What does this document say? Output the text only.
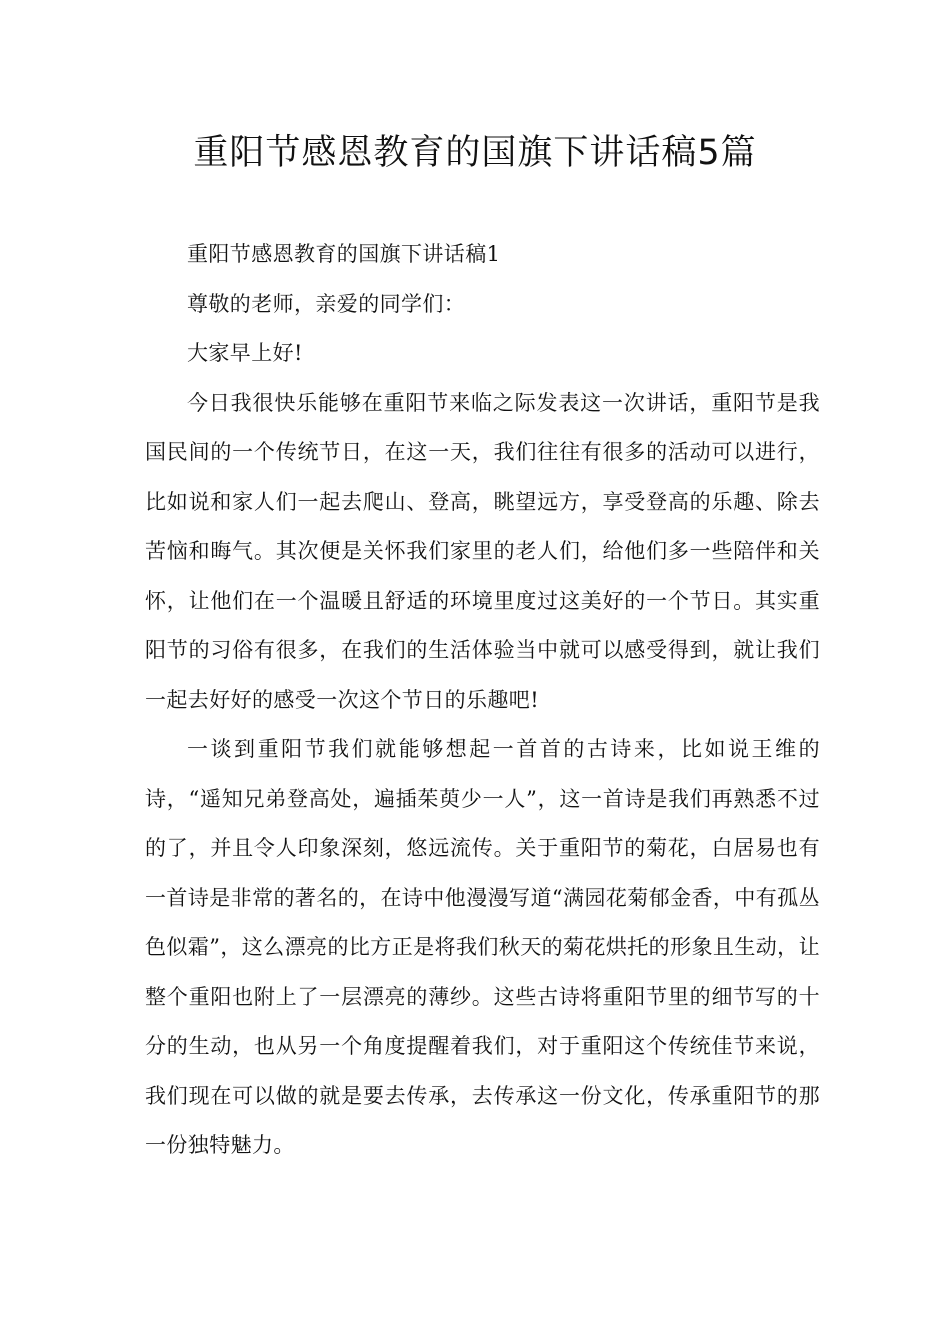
重阳节感恩教育的国旗下讲话稿5篇

重阳节感恩教育的国旗下讲话稿1

尊敬的老师，亲爱的同学们：

大家早上好!

今日我很快乐能够在重阳节来临之际发表这一次讲话，重阳节是我国民间的一个传统节日，在这一天，我们往往有很多的活动可以进行，比如说和家人们一起去爬山、登高，眺望远方，享受登高的乐趣、除去苦恼和晦气。其次便是关怀我们家里的老人们，给他们多一些陪伴和关怀，让他们在一个温暖且舒适的环境里度过这美好的一个节日。其实重阳节的习俗有很多，在我们的生活体验当中就可以感受得到，就让我们一起去好好的感受一次这个节日的乐趣吧!

一谈到重阳节我们就能够想起一首首的古诗来，比如说王维的诗，“遥知兄弟登高处，遍插茱萸少一人”，这一首诗是我们再熟悉不过的了，并且令人印象深刻，悠远流传。关于重阳节的菊花，白居易也有一首诗是非常的著名的，在诗中他漫漫写道“满园花菊郁金香，中有孤丛色似霜”，这么漂亮的比方正是将我们秋天的菊花烘托的形象且生动，让整个重阳也附上了一层漂亮的薄纱。这些古诗将重阳节里的细节写的十分的生动，也从另一个角度提醒着我们，对于重阳这个传统佳节来说，我们现在可以做的就是要去传承，去传承这一份文化，传承重阳节的那一份独特魅力。
